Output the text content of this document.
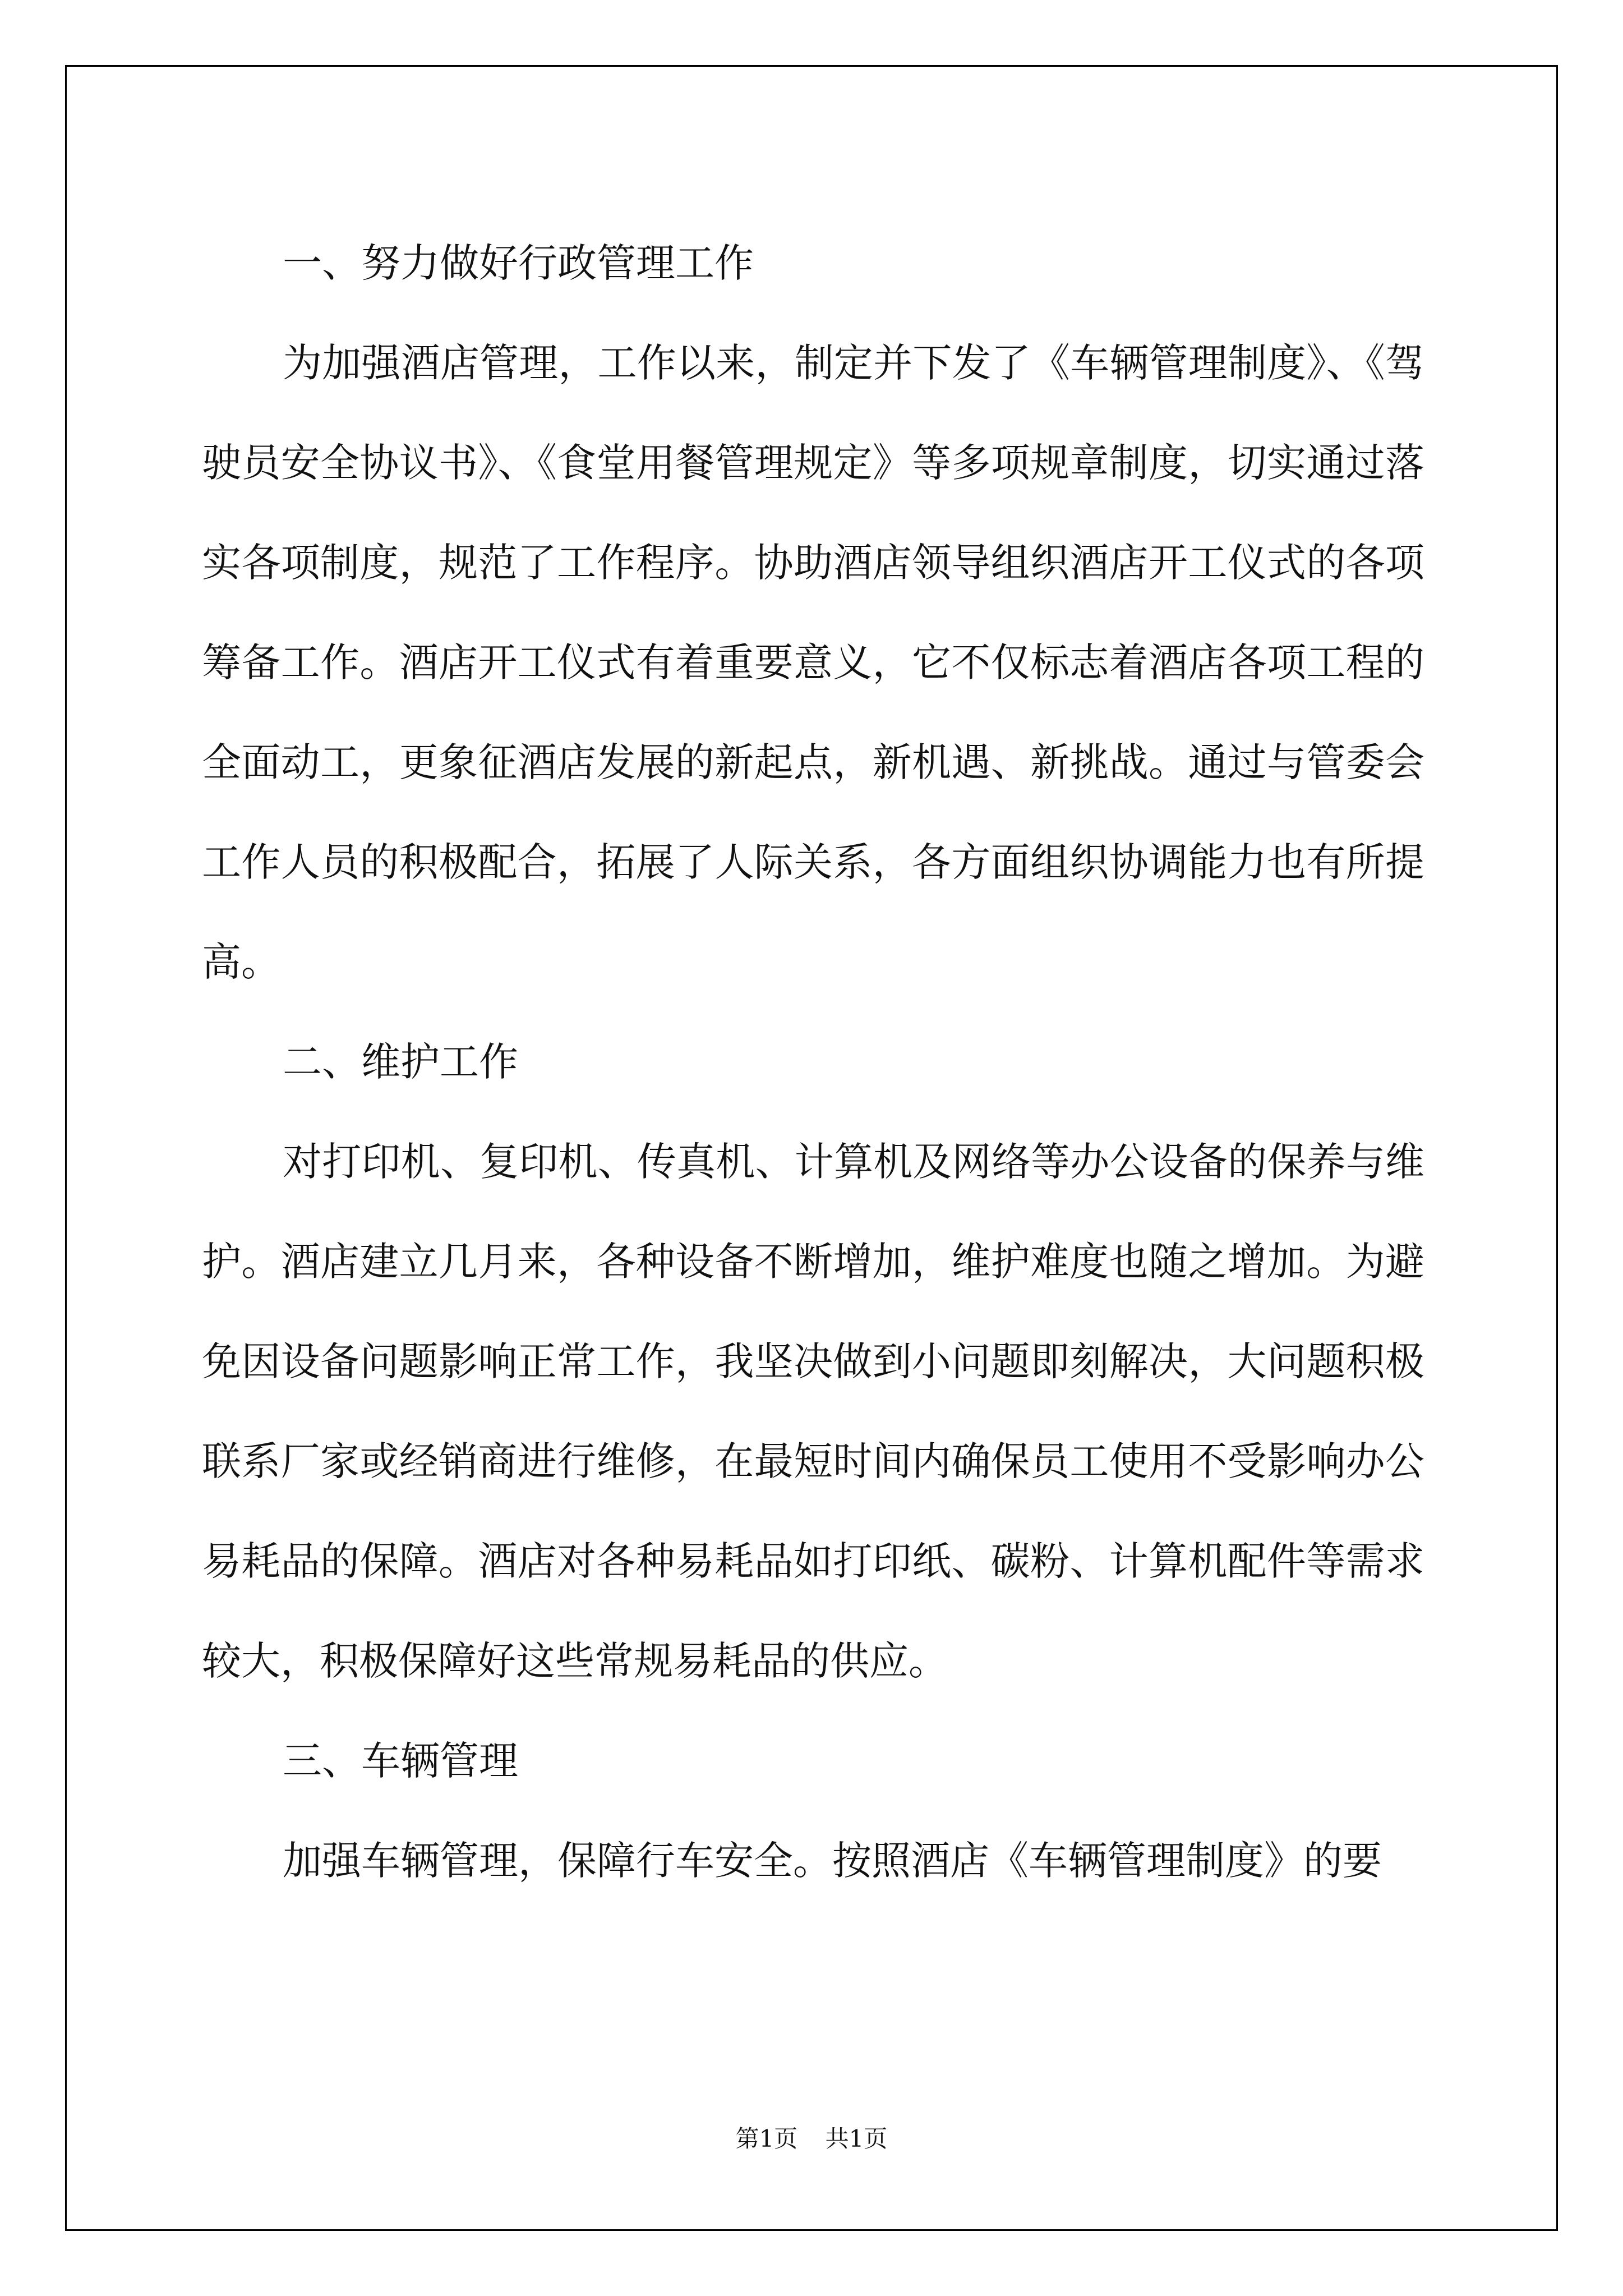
一、努力做好行政管理工作

为加强酒店管理，工作以来，制定并下发了《车辆管理制度》、《驾驶员安全协议书》、《食堂用餐管理规定》等多项规章制度，切实通过落实各项制度，规范了工作程序。协助酒店领导组织酒店开工仪式的各项筹备工作。酒店开工仪式有着重要意义，它不仅标志着酒店各项工程的全面动工，更象征酒店发展的新起点，新机遇、新挑战。通过与管委会工作人员的积极配合，拓展了人际关系，各方面组织协调能力也有所提高。

二、维护工作

对打印机、复印机、传真机、计算机及网络等办公设备的保养与维护。酒店建立几月来，各种设备不断增加，维护难度也随之增加。为避免因设备问题影响正常工作，我坚决做到小问题即刻解决，大问题积极联系厂家或经销商进行维修，在最短时间内确保员工使用不受影响办公易耗品的保障。酒店对各种易耗品如打印纸、碳粉、计算机配件等需求较大，积极保障好这些常规易耗品的供应。

三、车辆管理

加强车辆管理，保障行车安全。按照酒店《车辆管理制度》的要

第1页 共1页
